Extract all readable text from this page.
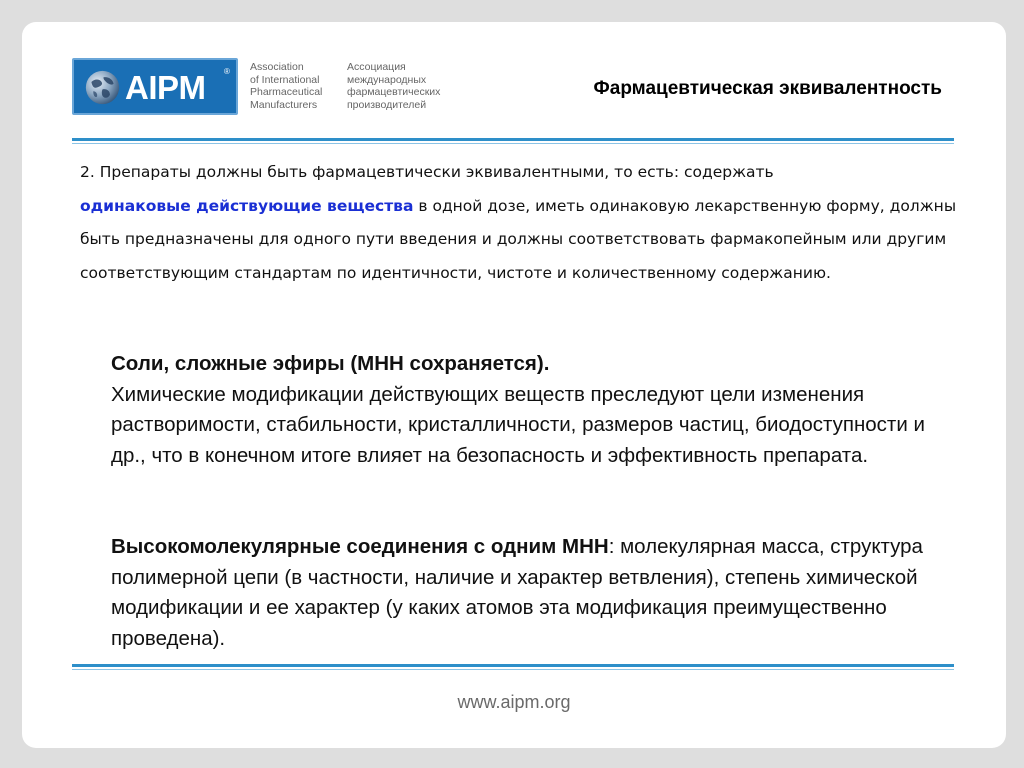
AIPM ® Association
of International
Pharmaceutical
Manufacturers
Ассоциация
международных
фармацевтических
производителей
Фармацевтическая эквивалентность
2. Препараты должны быть фармацевтически эквивалентными, то есть: содержать
одинаковые действующие вещества в одной дозе, иметь одинаковую лекарственную форму, должны быть предназначены для одного пути введения и должны соответствовать фармакопейным или другим соответствующим стандартам по идентичности, чистоте и количественному содержанию.
Соли, сложные эфиры (МНН сохраняется).
Химические модификации действующих веществ преследуют цели изменения растворимости, стабильности, кристалличности, размеров частиц, биодоступности и др., что в конечном итоге влияет на безопасность и эффективность препарата.
Высокомолекулярные соединения с одним МНН: молекулярная масса, структура полимерной цепи (в частности, наличие и характер ветвления), степень химической модификации и ее характер (у каких атомов эта модификация преимущественно проведена).
www.aipm.org
